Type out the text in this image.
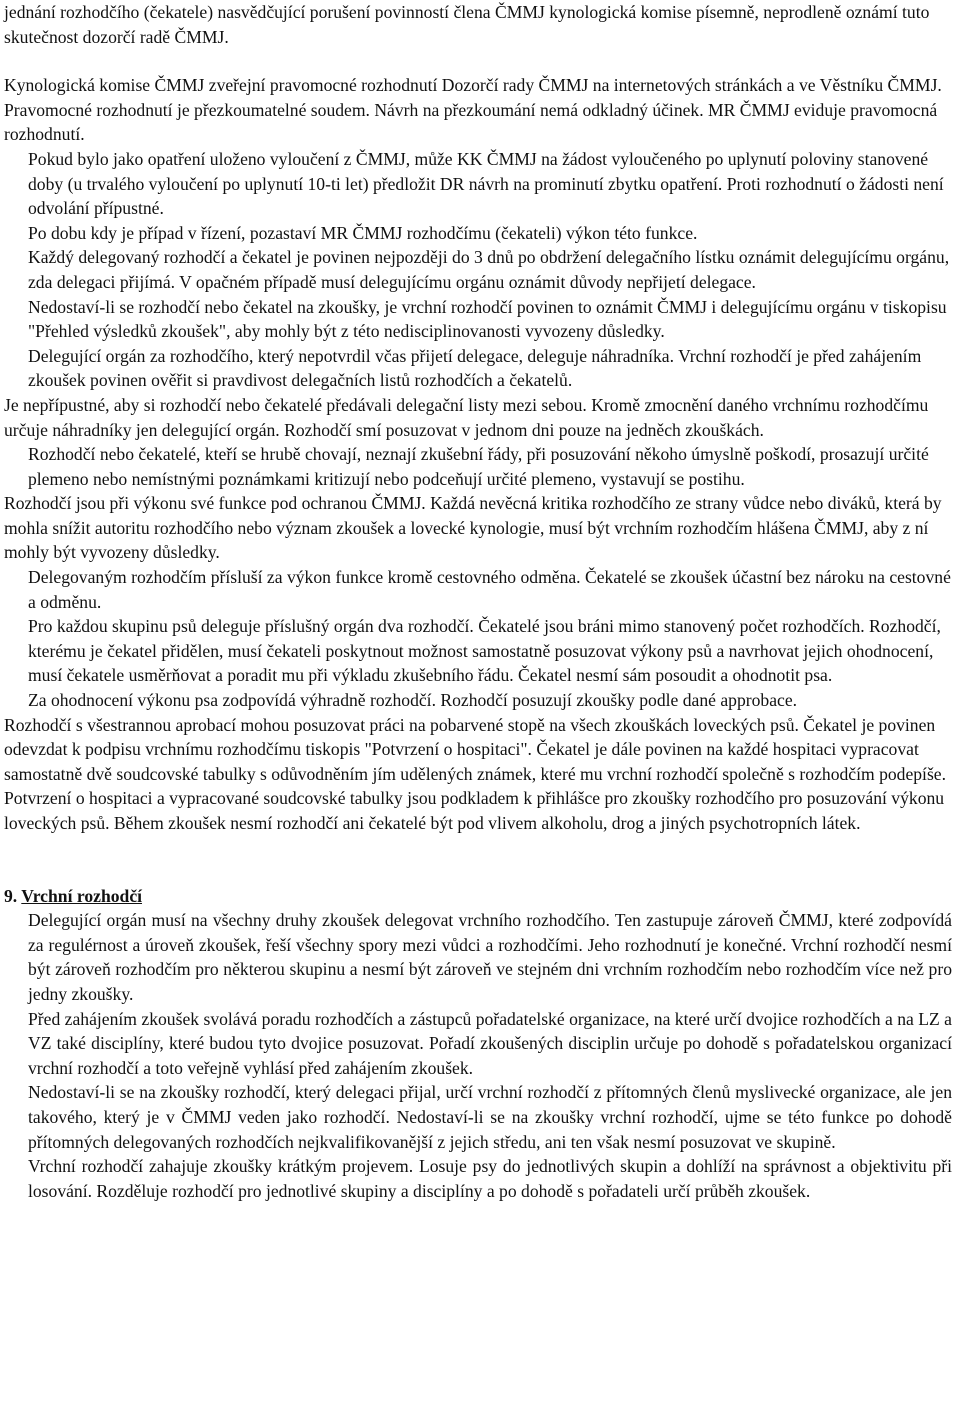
jednání rozhodčího (čekatele) nasvědčující porušení povinností člena ČMMJ kynologická komise písemně, neprodleně oznámí tuto skutečnost dozorčí radě ČMMJ.

Kynologická komise ČMMJ zveřejní pravomocné rozhodnutí Dozorčí rady ČMMJ na internetových stránkách a ve Věstníku ČMMJ.

Pravomocné rozhodnutí je přezkoumatelné soudem. Návrh na přezkoumání nemá odkladný účinek. MR ČMMJ eviduje pravomocná rozhodnutí.

Pokud bylo jako opatření uloženo vyloučení z ČMMJ, může KK ČMMJ na žádost vyloučeného po uplynutí poloviny stanovené doby (u trvalého vyloučení po uplynutí 10-ti let) předložit DR návrh na prominutí zbytku opatření. Proti rozhodnutí o žádosti není odvolání přípustné.

Po dobu kdy je případ v řízení, pozastaví MR ČMMJ rozhodčímu (čekateli) výkon této funkce.

Každý delegovaný rozhodčí a čekatel je povinen nejpozději do 3 dnů po obdržení delegačního lístku oznámit delegujícímu orgánu, zda delegaci přijímá. V opačném případě musí delegujícímu orgánu oznámit důvody nepřijetí delegace.

Nedostaví-li se rozhodčí nebo čekatel na zkoušky, je vrchní rozhodčí povinen to oznámit ČMMJ i delegujícímu orgánu v tiskopisu "Přehled výsledků zkoušek", aby mohly být z této nedisciplinovanosti vyvozeny důsledky.

Delegující orgán za rozhodčího, který nepotvrdil včas přijetí delegace, deleguje náhradníka. Vrchní rozhodčí je před zahájením zkoušek povinen ověřit si pravdivost delegačních listů rozhodčích a čekatelů.

Je nepřípustné, aby si rozhodčí nebo čekatelé předávali delegační listy mezi sebou. Kromě zmocnění daného vrchnímu rozhodčímu určuje náhradníky jen delegující orgán. Rozhodčí smí posuzovat v jednom dni pouze na jedněch zkouškách.

Rozhodčí nebo čekatelé, kteří se hrubě chovají, neznají zkušební řády, při posuzování někoho úmyslně poškodí, prosazují určité plemeno nebo nemístnými poznámkami kritizují nebo podceňují určité plemeno, vystavují se postihu.

Rozhodčí jsou při výkonu své funkce pod ochranou ČMMJ. Každá nevěcná kritika rozhodčího ze strany vůdce nebo diváků, která by mohla snížit autoritu rozhodčího nebo význam zkoušek a lovecké kynologie, musí být vrchním rozhodčím hlášena ČMMJ, aby z ní mohly být vyvozeny důsledky.

Delegovaným rozhodčím přísluší za výkon funkce kromě cestovného odměna. Čekatelé se zkoušek účastní bez nároku na cestovné a odměnu.

Pro každou skupinu psů deleguje příslušný orgán dva rozhodčí. Čekatelé jsou bráni mimo stanovený počet rozhodčích. Rozhodčí, kterému je čekatel přidělen, musí čekateli poskytnout možnost samostatně posuzovat výkony psů a navrhovat jejich ohodnocení, musí čekatele usměrňovat a poradit mu při výkladu zkušebního řádu. Čekatel nesmí sám posoudit a ohodnotit psa.

Za ohodnocení výkonu psa zodpovídá výhradně rozhodčí. Rozhodčí posuzují zkoušky podle dané approbace.

Rozhodčí s všestrannou aprobací mohou posuzovat práci na pobarvené stopě na všech zkouškách loveckých psů. Čekatel je povinen odevzdat k podpisu vrchnímu rozhodčímu tiskopis "Potvrzení o hospitaci". Čekatel je dále povinen na každé hospitaci vypracovat samostatně dvě soudcovské tabulky s odůvodněním jím udělených známek, které mu vrchní rozhodčí společně s rozhodčím podepíše. Potvrzení o hospitaci a vypracované soudcovské tabulky jsou podkladem k přihlášce pro zkoušky rozhodčího pro posuzování výkonu loveckých psů. Během zkoušek nesmí rozhodčí ani čekatelé být pod vlivem alkoholu, drog a jiných psychotropních látek.

9. Vrchní rozhodčí

Delegující orgán musí na všechny druhy zkoušek delegovat vrchního rozhodčího. Ten zastupuje zároveň ČMMJ, které zodpovídá za regulérnost a úroveň zkoušek, řeší všechny spory mezi vůdci a rozhodčími. Jeho rozhodnutí je konečné. Vrchní rozhodčí nesmí být zároveň rozhodčím pro některou skupinu a nesmí být zároveň ve stejném dni vrchním rozhodčím nebo rozhodčím více než pro jedny zkoušky.

Před zahájením zkoušek svolává poradu rozhodčích a zástupců pořadatelské organizace, na které určí dvojice rozhodčích a na LZ a VZ také disciplíny, které budou tyto dvojice posuzovat. Pořadí zkoušených disciplin určuje po dohodě s pořadatelskou organizací vrchní rozhodčí a toto veřejně vyhlásí před zahájením zkoušek.

Nedostaví-li se na zkoušky rozhodčí, který delegaci přijal, určí vrchní rozhodčí z přítomných členů myslivecké organizace, ale jen takového, který je v ČMMJ veden jako rozhodčí. Nedostaví-li se na zkoušky vrchní rozhodčí, ujme se této funkce po dohodě přítomných delegovaných rozhodčích nejkvalifikovanější z jejich středu, ani ten však nesmí posuzovat ve skupině.

Vrchní rozhodčí zahajuje zkoušky krátkým projevem. Losuje psy do jednotlivých skupin a dohlíží na správnost a objektivitu při losování. Rozděluje rozhodčí pro jednotlivé skupiny a disciplíny a po dohodě s pořadateli určí průběh zkoušek.
